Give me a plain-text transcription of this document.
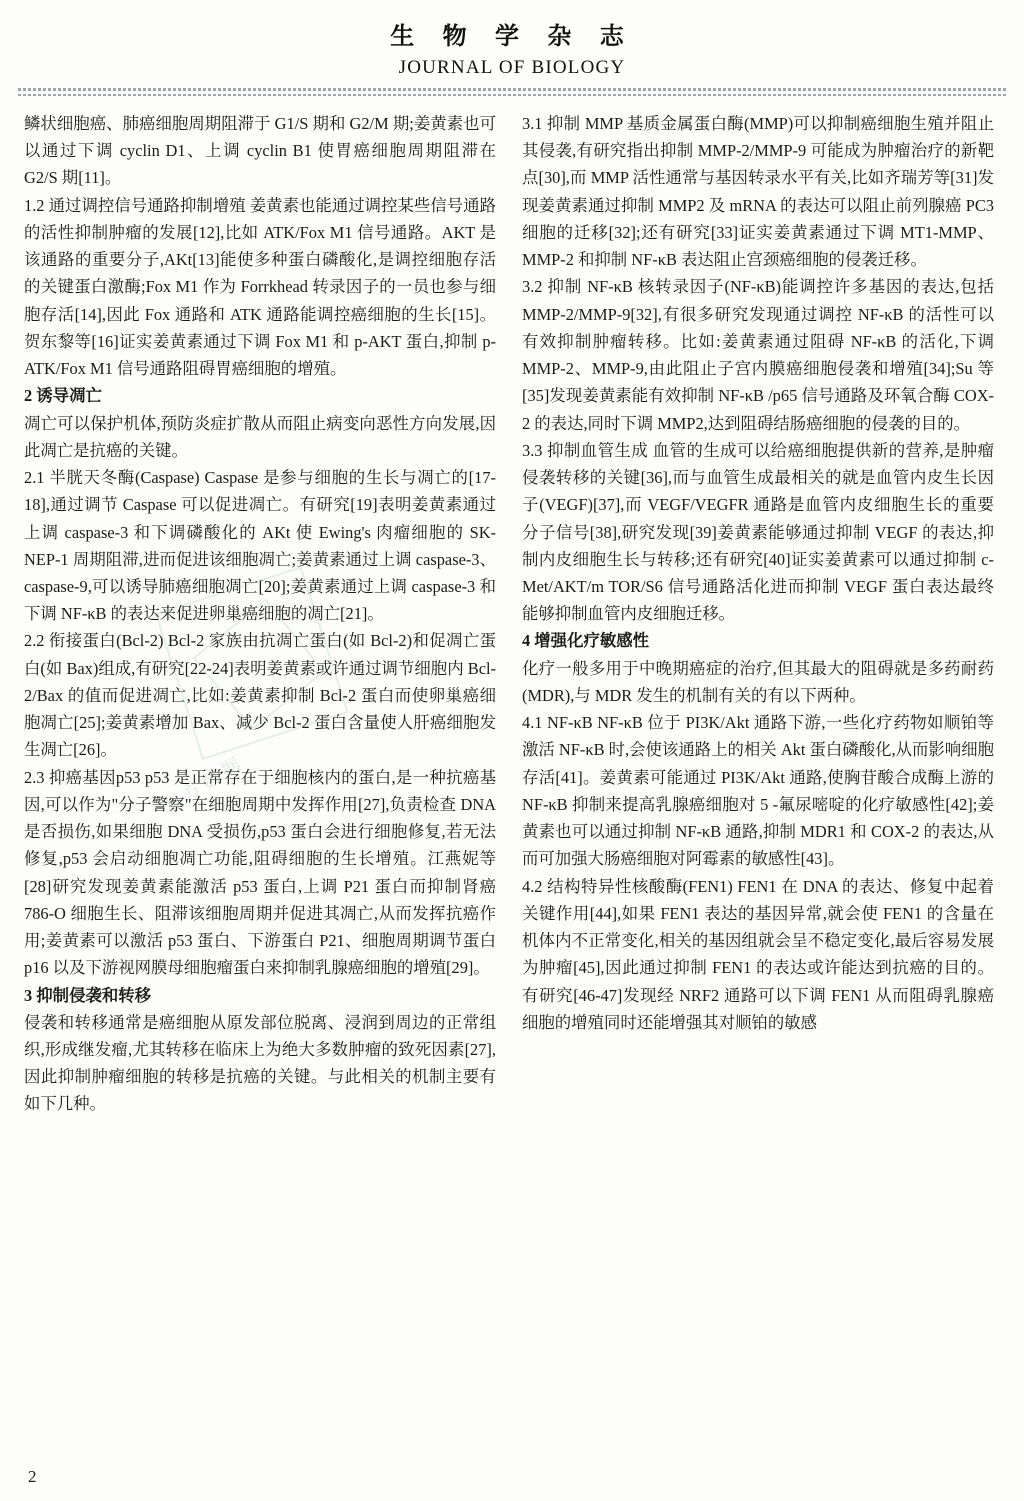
生 物 学 杂 志
JOURNAL OF BIOLOGY
万方数据

鳞状细胞癌、肺癌细胞周期阻滞于 G1/S 期和 G2/M 期;姜黄素也可以通过下调 cyclin D1、上调 cyclin B1 使胃癌细胞周期阻滞在 G2/S 期[11]。

1.2 通过调控信号通路抑制增殖 姜黄素也能通过调控某些信号通路的活性抑制肿瘤的发展[12],比如 ATK/Fox M1 信号通路。AKT 是该通路的重要分子,AKt[13]能使多种蛋白磷酸化,是调控细胞存活的关键蛋白激酶;Fox M1 作为 Forrkhead 转录因子的一员也参与细胞存活[14],因此 Fox 通路和 ATK 通路能调控癌细胞的生长[15]。贺东黎等[16]证实姜黄素通过下调 Fox M1 和 p-AKT 蛋白,抑制 p-ATK/Fox M1 信号通路阻碍胃癌细胞的增殖。

2 诱导凋亡

凋亡可以保护机体,预防炎症扩散从而阻止病变向恶性方向发展,因此凋亡是抗癌的关键。

2.1 半胱天冬酶(Caspase) Caspase 是参与细胞的生长与凋亡的[17-18],通过调节 Caspase 可以促进凋亡。有研究[19]表明姜黄素通过上调 caspase-3 和下调磷酸化的 AKt 使 Ewing's 肉瘤细胞的 SK-NEP-1 周期阻滞,进而促进该细胞凋亡;姜黄素通过上调 caspase-3、caspase-9,可以诱导肺癌细胞凋亡[20];姜黄素通过上调 caspase-3 和下调 NF-κB 的表达来促进卵巢癌细胞的凋亡[21]。

2.2 衔接蛋白(Bcl-2) Bcl-2 家族由抗凋亡蛋白(如 Bcl-2)和促凋亡蛋白(如 Bax)组成,有研究[22-24]表明姜黄素或许通过调节细胞内 Bcl-2/Bax 的值而促进凋亡,比如:姜黄素抑制 Bcl-2 蛋白而使卵巢癌细胞凋亡[25];姜黄素增加 Bax、减少 Bcl-2 蛋白含量使人肝癌细胞发生凋亡[26]。

2.3 抑癌基因p53 p53 是正常存在于细胞核内的蛋白,是一种抗癌基因,可以作为"分子警察"在细胞周期中发挥作用[27],负责检查 DNA 是否损伤,如果细胞 DNA 受损伤,p53 蛋白会进行细胞修复,若无法修复,p53 会启动细胞凋亡功能,阻碍细胞的生长增殖。江燕妮等[28]研究发现姜黄素能激活 p53 蛋白,上调 P21 蛋白而抑制肾癌 786-O 细胞生长、阻滞该细胞周期并促进其凋亡,从而发挥抗癌作用;姜黄素可以激活 p53 蛋白、下游蛋白 P21、细胞周期调节蛋白 p16 以及下游视网膜母细胞瘤蛋白来抑制乳腺癌细胞的增殖[29]。

3 抑制侵袭和转移

侵袭和转移通常是癌细胞从原发部位脱离、浸润到周边的正常组织,形成继发瘤,尤其转移在临床上为绝大多数肿瘤的致死因素[27],因此抑制肿瘤细胞的转移是抗癌的关键。与此相关的机制主要有如下几种。

3.1 抑制 MMP 基质金属蛋白酶(MMP)可以抑制癌细胞生殖并阻止其侵袭,有研究指出抑制 MMP-2/MMP-9 可能成为肿瘤治疗的新靶点[30],而 MMP 活性通常与基因转录水平有关,比如齐瑞芳等[31]发现姜黄素通过抑制 MMP2 及 mRNA 的表达可以阻止前列腺癌 PC3 细胞的迁移[32];还有研究[33]证实姜黄素通过下调 MT1-MMP、MMP-2 和抑制 NF-κB 表达阻止宫颈癌细胞的侵袭迁移。

3.2 抑制 NF-κB 核转录因子(NF-κB)能调控许多基因的表达,包括 MMP-2/MMP-9[32],有很多研究发现通过调控 NF-κB 的活性可以有效抑制肿瘤转移。比如:姜黄素通过阻碍 NF-κB 的活化,下调 MMP-2、MMP-9,由此阻止子宫内膜癌细胞侵袭和增殖[34];Su 等[35]发现姜黄素能有效抑制 NF-κB /p65 信号通路及环氧合酶 COX-2 的表达,同时下调 MMP2,达到阻碍结肠癌细胞的侵袭的目的。

3.3 抑制血管生成 血管的生成可以给癌细胞提供新的营养,是肿瘤侵袭转移的关键[36],而与血管生成最相关的就是血管内皮生长因子(VEGF)[37],而 VEGF/VEGFR 通路是血管内皮细胞生长的重要分子信号[38],研究发现[39]姜黄素能够通过抑制 VEGF 的表达,抑制内皮细胞生长与转移;还有研究[40]证实姜黄素可以通过抑制 c-Met/AKT/m TOR/S6 信号通路活化进而抑制 VEGF 蛋白表达最终能够抑制血管内皮细胞迁移。

4 增强化疗敏感性

化疗一般多用于中晚期癌症的治疗,但其最大的阻碍就是多药耐药(MDR),与 MDR 发生的机制有关的有以下两种。

4.1 NF-κB NF-κB 位于 PI3K/Akt 通路下游,一些化疗药物如顺铂等激活 NF-κB 时,会使该通路上的相关 Akt 蛋白磷酸化,从而影响细胞存活[41]。姜黄素可能通过 PI3K/Akt 通路,使胸苷酸合成酶上游的 NF-κB 抑制来提高乳腺癌细胞对 5 -氟尿嘧啶的化疗敏感性[42];姜黄素也可以通过抑制 NF-κB 通路,抑制 MDR1 和 COX-2 的表达,从而可加强大肠癌细胞对阿霉素的敏感性[43]。

4.2 结构特异性核酸酶(FEN1) FEN1 在 DNA 的表达、修复中起着关键作用[44],如果 FEN1 表达的基因异常,就会使 FEN1 的含量在机体内不正常变化,相关的基因组就会呈不稳定变化,最后容易发展为肿瘤[45],因此通过抑制 FEN1 的表达或许能达到抗癌的目的。有研究[46-47]发现经 NRF2 通路可以下调 FEN1 从而阻碍乳腺癌细胞的增殖同时还能增强其对顺铂的敏感

2
